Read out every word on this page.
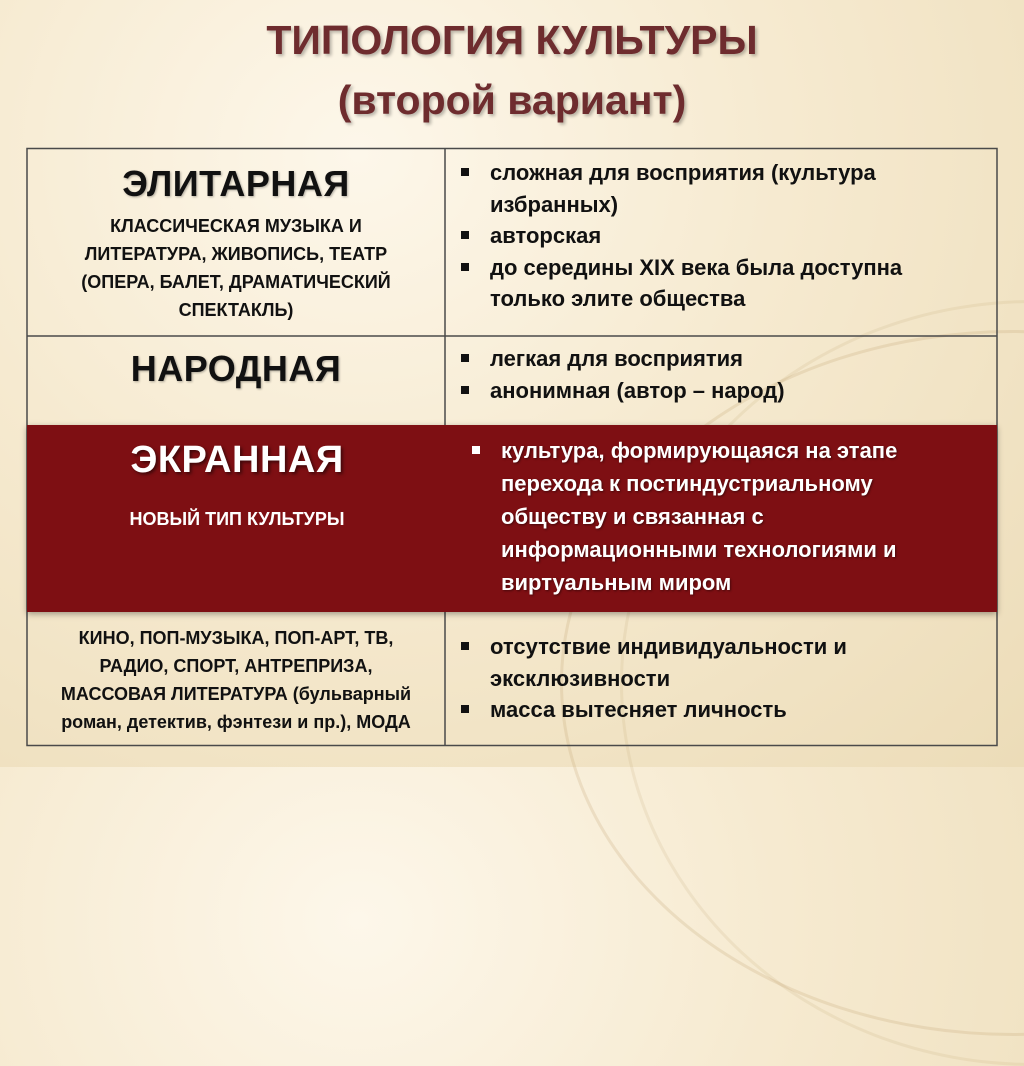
ТИПОЛОГИЯ КУЛЬТУРЫ
(второй вариант)
ЭЛИТАРНАЯ
КЛАССИЧЕСКАЯ МУЗЫКА И
ЛИТЕРАТУРА, ЖИВОПИСЬ, ТЕАТР
(ОПЕРА, БАЛЕТ, ДРАМАТИЧЕСКИЙ
СПЕКТАКЛЬ)
сложная для восприятия (культура
избранных)
авторская
до середины XIX века была доступна
только элите общества
НАРОДНАЯ	легкая для восприятия
анонимная (автор – народ)
КИНО, ПОП-МУЗЫКА, ПОП-АРТ, ТВ,
РАДИО, СПОРТ, АНТРЕПРИЗА,
МАССОВАЯ ЛИТЕРАТУРА (бульварный
роман, детектив, фэнтези и пр.), МОДА
отсутствие индивидуальности и
эксклюзивности
масса вытесняет личность
ЭКРАННАЯ
НОВЫЙ ТИП КУЛЬТУРЫ
культура, формирующаяся на этапе
перехода к постиндустриальному
обществу и связанная с
информационными технологиями и
виртуальным миром
